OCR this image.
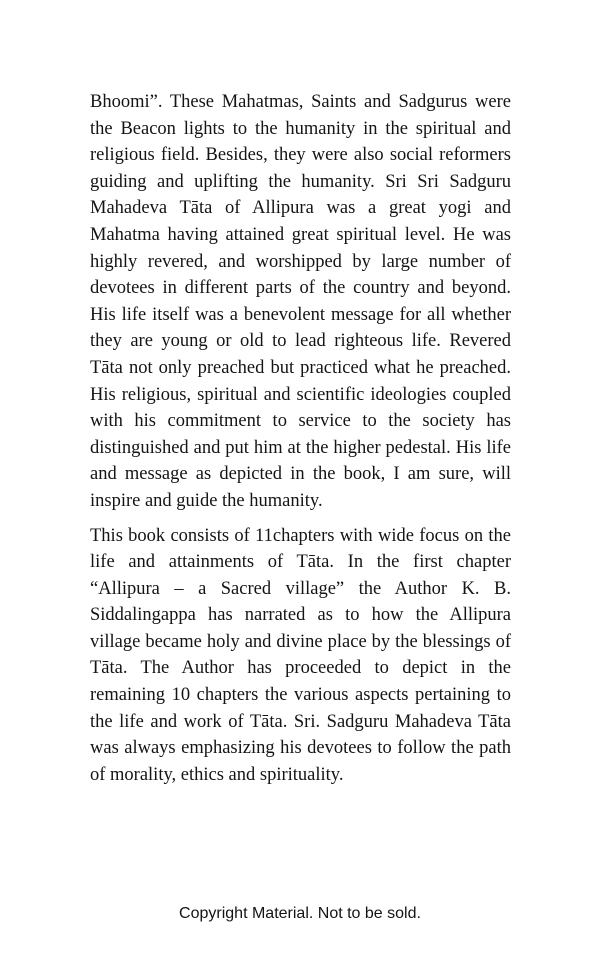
Bhoomi”. These Mahatmas, Saints and Sadgurus were the Beacon lights to the humanity in the spiritual and religious field. Besides, they were also social reformers guiding and uplifting the humanity. Sri Sri Sadguru Mahadeva Tāta of Allipura was a great yogi and Mahatma having attained great spiritual level. He was highly revered, and worshipped by large number of devotees in different parts of the country and beyond. His life itself was a benevolent message for all whether they are young or old to lead righteous life. Revered Tāta not only preached but practiced what he preached. His religious, spiritual and scientific ideologies coupled with his commitment to service to the society has distinguished and put him at the higher pedestal. His life and message as depicted in the book, I am sure, will inspire and guide the humanity.

This book consists of 11chapters with wide focus on the life and attainments of Tāta. In the first chapter “Allipura – a Sacred village” the Author K. B. Siddalingappa has narrated as to how the Allipura village became holy and divine place by the blessings of Tāta. The Author has proceeded to depict in the remaining 10 chapters the various aspects pertaining to the life and work of Tāta. Sri. Sadguru Mahadeva Tāta was always emphasizing his devotees to follow the path of morality, ethics and spirituality.

Copyright Material. Not to be sold.
